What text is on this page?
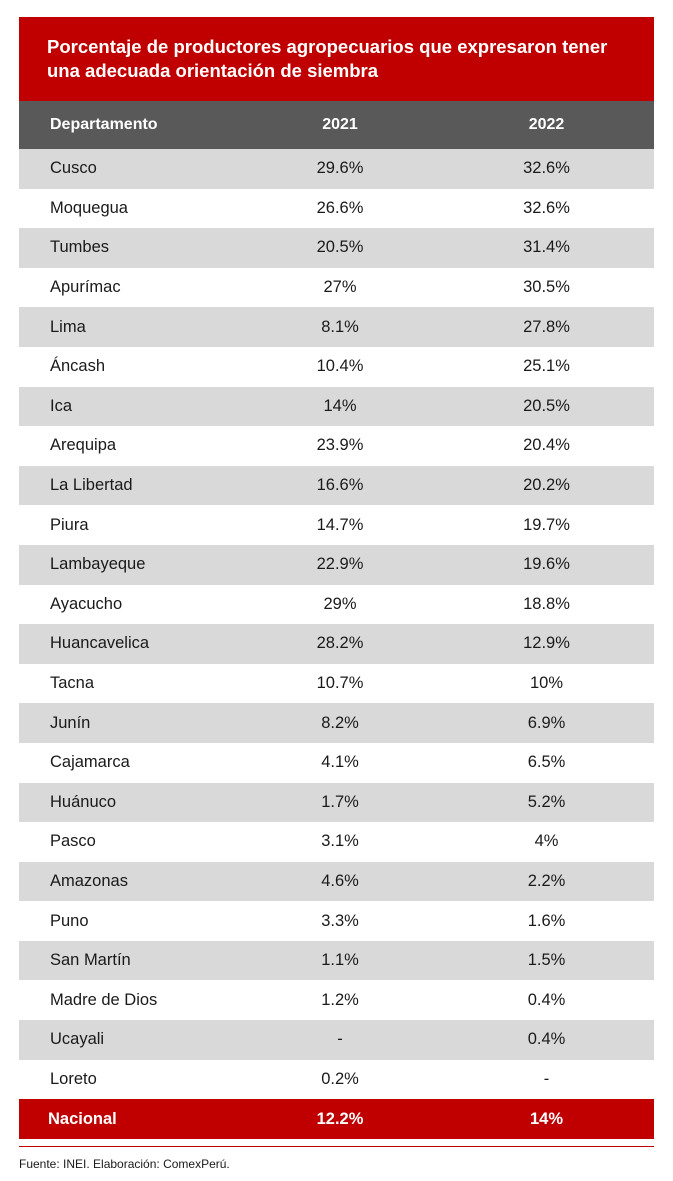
Porcentaje de productores agropecuarios que expresaron tener una adecuada orientación de siembra
Departamento	2021	2022
Cusco	29.6%	32.6%
Moquegua	26.6%	32.6%
Tumbes	20.5%	31.4%
Apurímac	27%	30.5%
Lima	8.1%	27.8%
Áncash	10.4%	25.1%
Ica	14%	20.5%
Arequipa	23.9%	20.4%
La Libertad	16.6%	20.2%
Piura	14.7%	19.7%
Lambayeque	22.9%	19.6%
Ayacucho	29%	18.8%
Huancavelica	28.2%	12.9%
Tacna	10.7%	10%
Junín	8.2%	6.9%
Cajamarca	4.1%	6.5%
Huánuco	1.7%	5.2%
Pasco	3.1%	4%
Amazonas	4.6%	2.2%
Puno	3.3%	1.6%
San Martín	1.1%	1.5%
Madre de Dios	1.2%	0.4%
Ucayali	-	0.4%
Loreto	0.2%	-
Nacional	12.2%	14%
Fuente: INEI. Elaboración: ComexPerú.
